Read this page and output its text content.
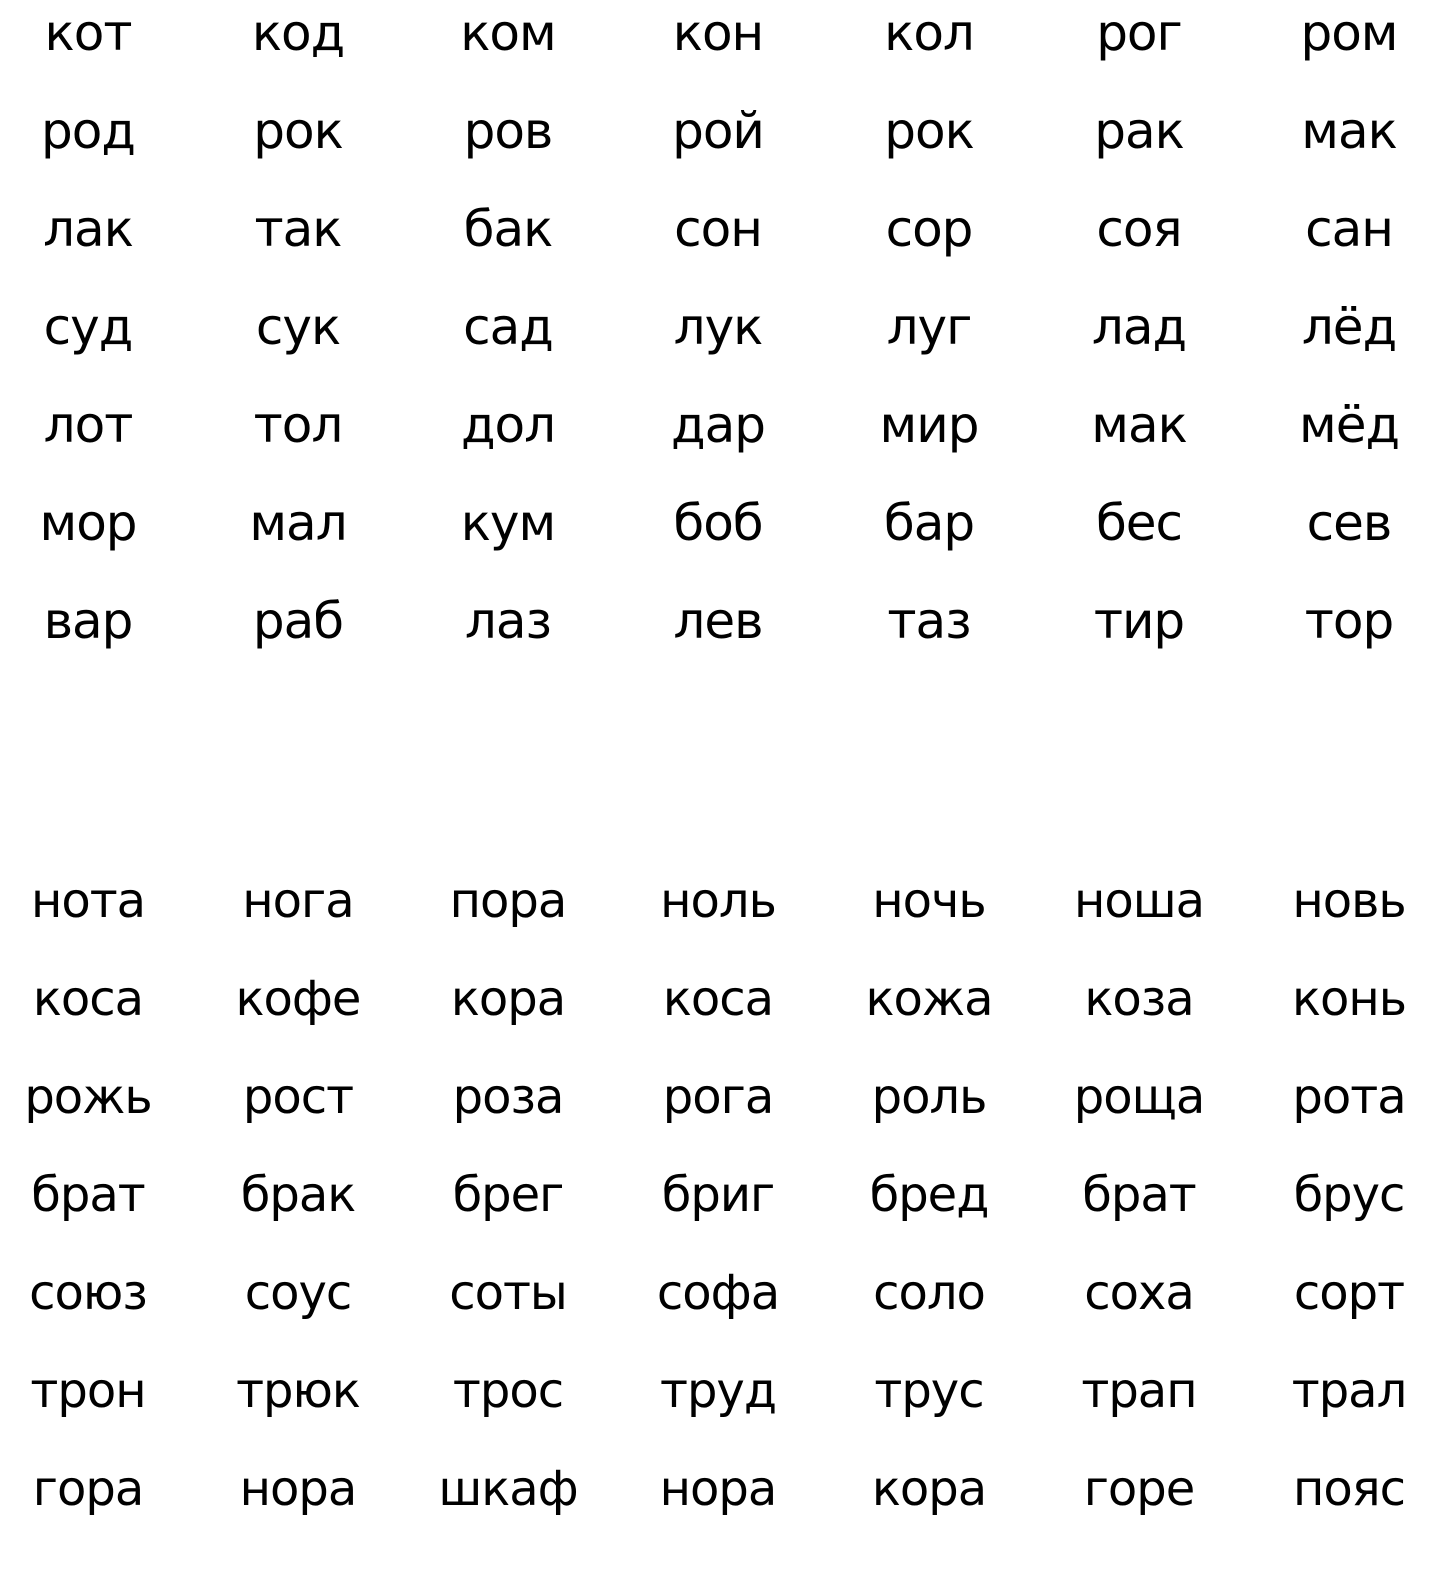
кот	код	ком	кон	кол	рог	ром
род	рок	ров	рой	рок	рак	мак
лак	так	бак	сон	сор	соя	сан
суд	сук	сад	лук	луг	лад	лёд
лот	тол	дол	дар	мир	мак	мёд
мор	мал	кум	боб	бар	бес	сев
вар	раб	лаз	лев	таз	тир	тор
нота	нога	пора	ноль	ночь	ноша	новь
коса	кофе	кора	коса	кожа	коза	конь
рожь	рост	роза	рога	роль	роща	рота
брат	брак	брег	бриг	бред	брат	брус
союз	соус	соты	софа	соло	соха	сорт
трон	трюк	трос	труд	трус	трап	трал
гора	нора	шкаф	нора	кора	горе	пояс
